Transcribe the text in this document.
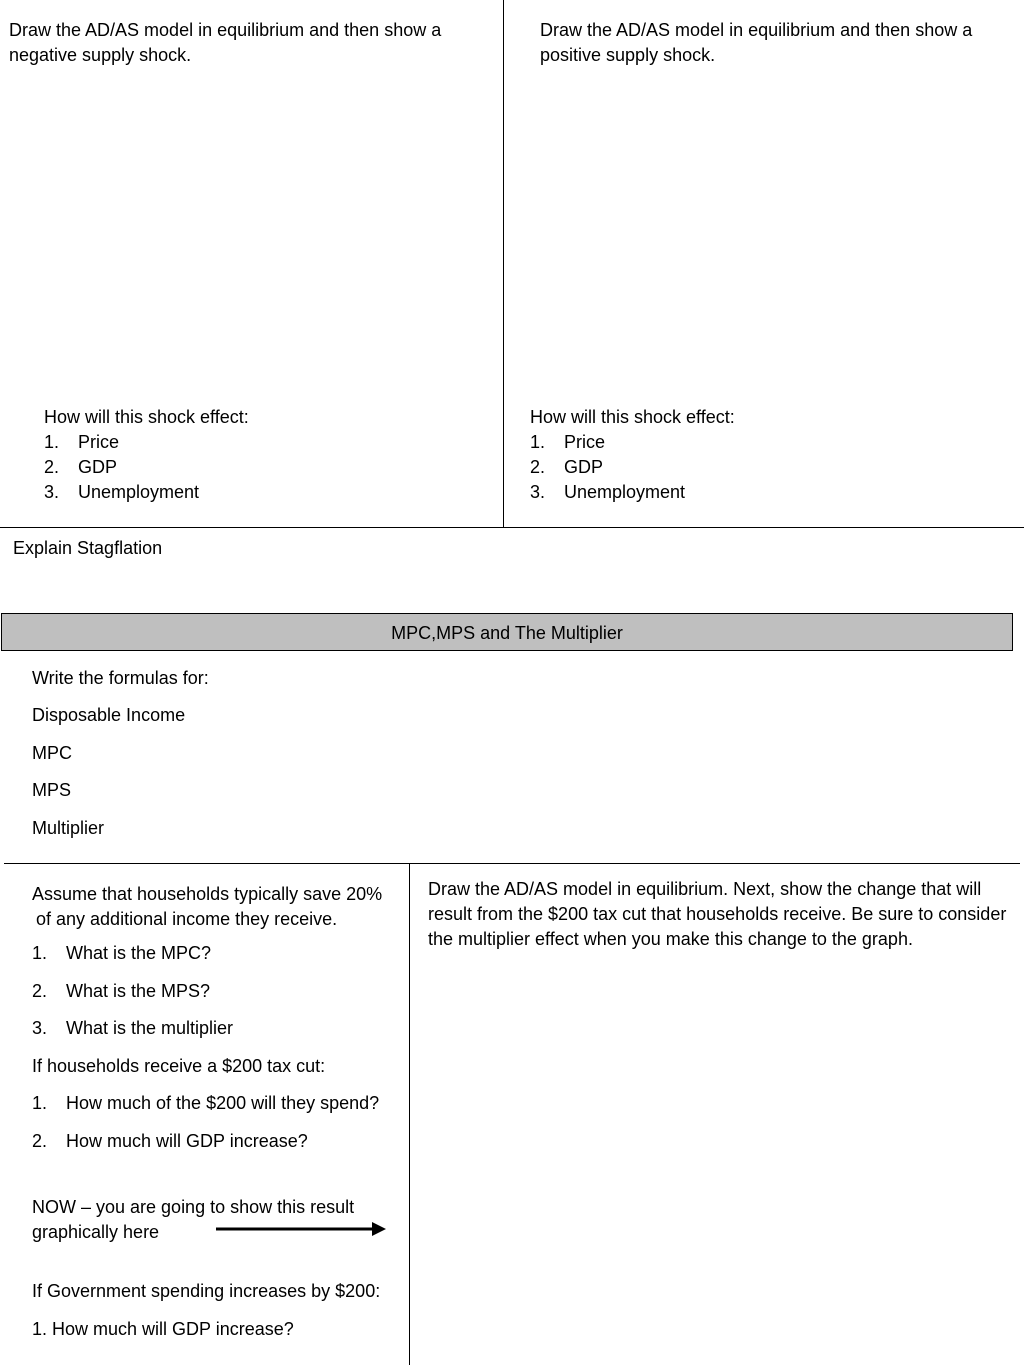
Draw the AD/AS model in equilibrium and then show a negative supply shock.
How will this shock effect:
1. Price
2. GDP
3. Unemployment
Draw the AD/AS model in equilibrium and then show a positive supply shock.
How will this shock effect:
1. Price
2. GDP
3. Unemployment
Explain Stagflation
MPC,MPS and The Multiplier
Write the formulas for:
Disposable Income
MPC
MPS
Multiplier
Assume that households typically save 20%
of any additional income they receive.
1. What is the MPC?
2. What is the MPS?
3. What is the multiplier
If households receive a $200 tax cut:
1. How much of the $200 will they spend?
2. How much will GDP increase?
NOW – you are going to show this result
graphically here
If Government spending increases by $200:
1. How much will GDP increase?
Draw the AD/AS model in equilibrium. Next, show the change that will result from the $200 tax cut that households receive. Be sure to consider the multiplier effect when you make this change to the graph.
